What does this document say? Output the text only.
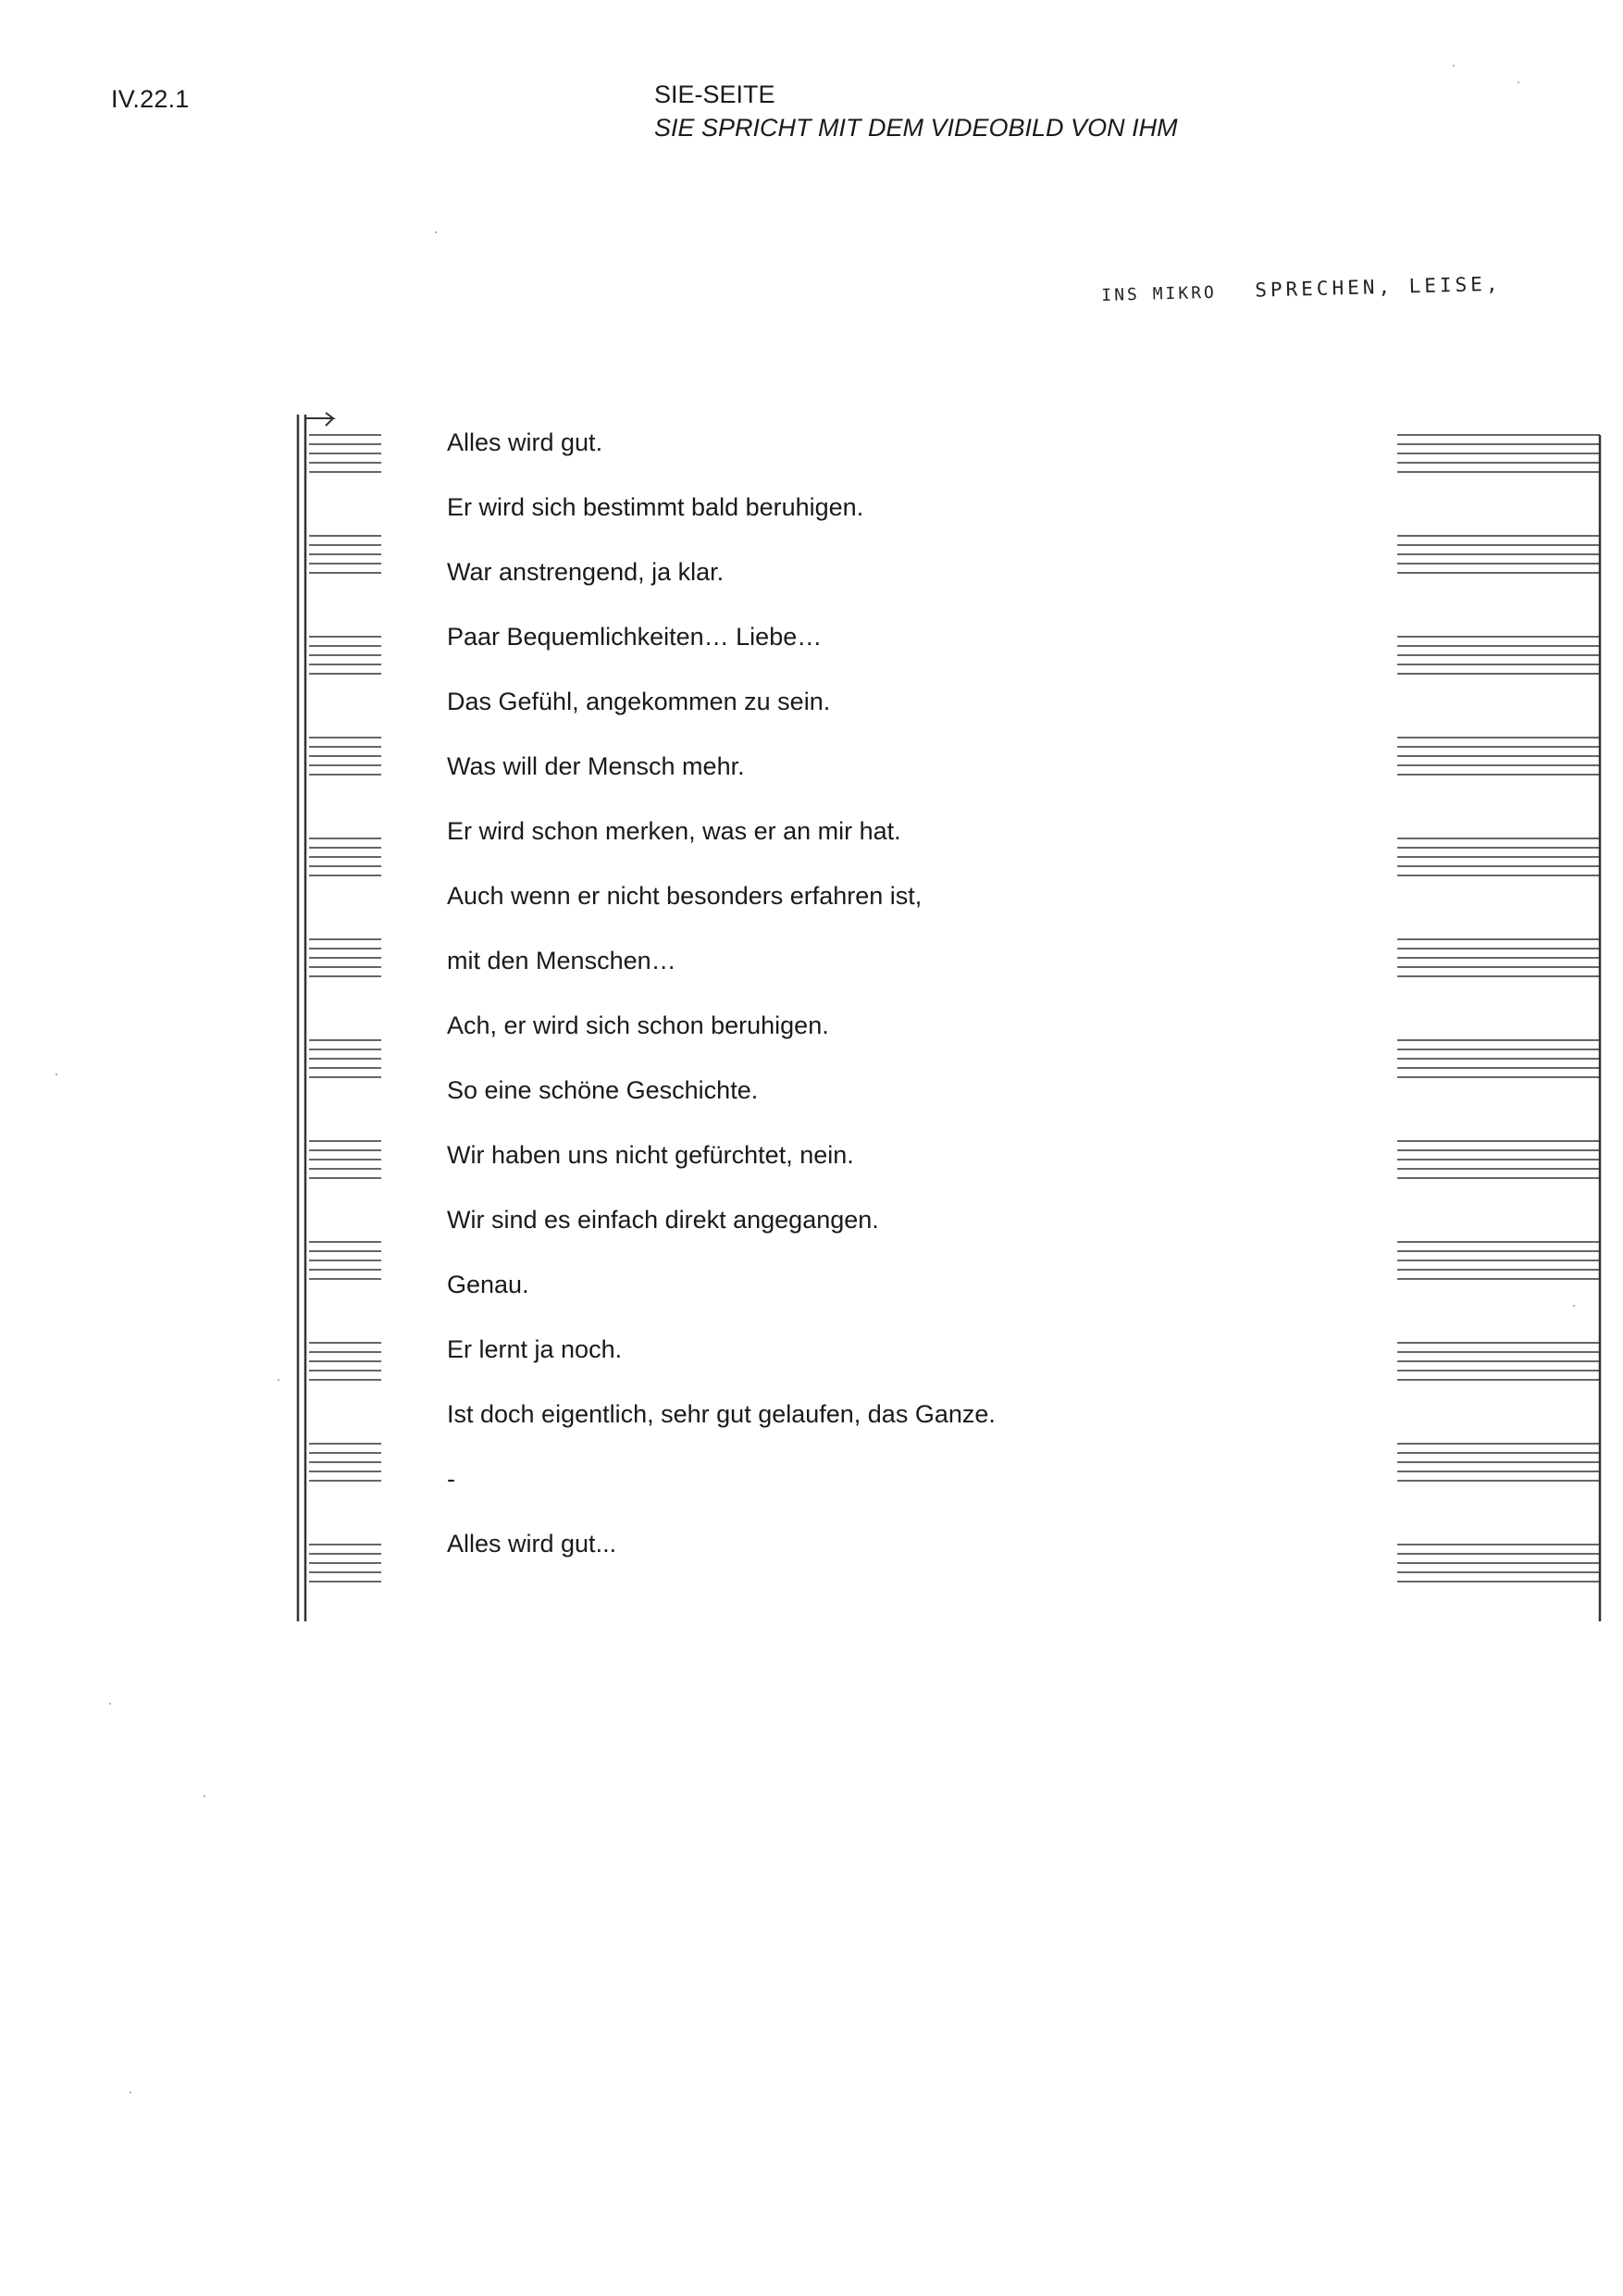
IV.22.1	SIE-SEITE
SIE SPRICHT MIT DEM VIDEOBILD VON IHM
INS MIKRO SPRECHEN, LEISE,
Alles wird gut.
Er wird sich bestimmt bald beruhigen.
War anstrengend, ja klar.
Paar Bequemlichkeiten… Liebe…
Das Gefühl, angekommen zu sein.
Was will der Mensch mehr.
Er wird schon merken, was er an mir hat.
Auch wenn er nicht besonders erfahren ist,
mit den Menschen…
Ach, er wird sich schon beruhigen.
So eine schöne Geschichte.
Wir haben uns nicht gefürchtet, nein.
Wir sind es einfach direkt angegangen.
Genau.
Er lernt ja noch.
Ist doch eigentlich, sehr gut gelaufen, das Ganze.
-
Alles wird gut...
